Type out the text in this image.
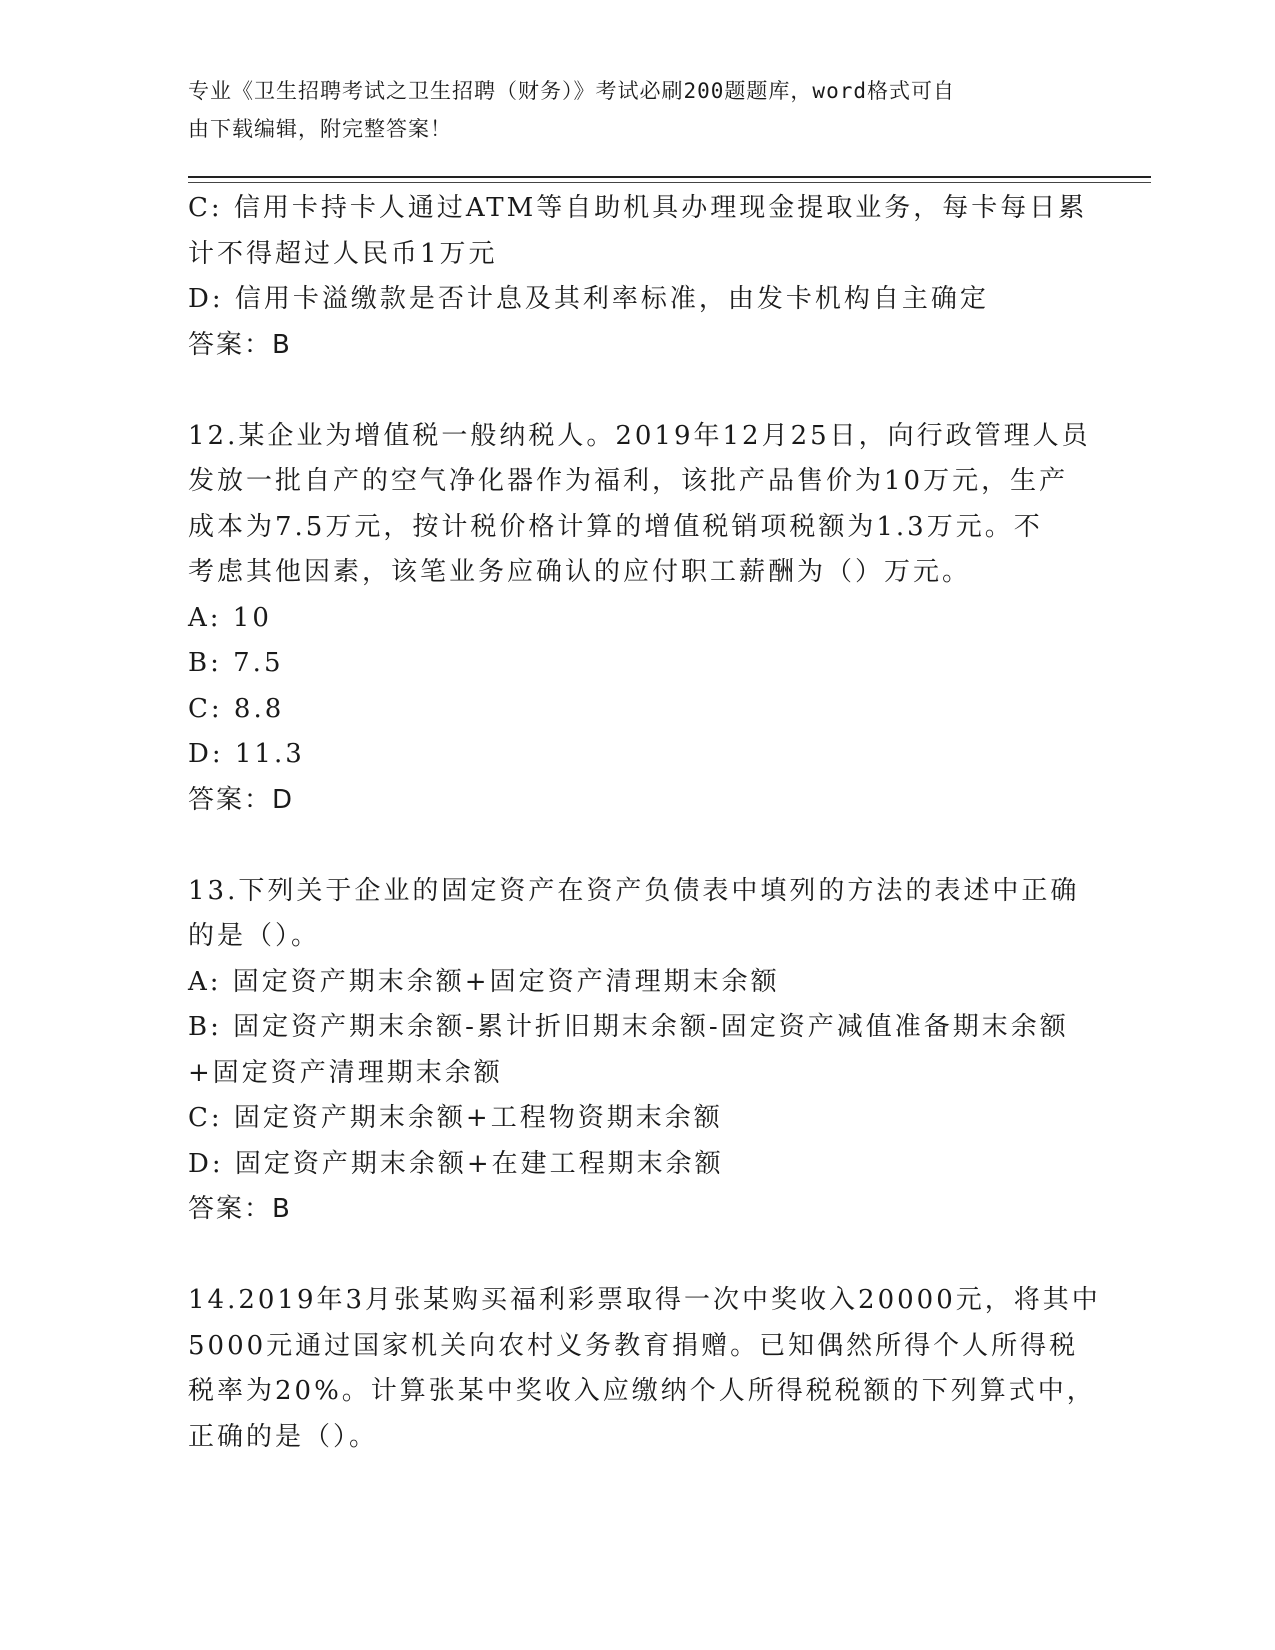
专业《卫生招聘考试之卫生招聘（财务）》考试必刷200题题库，word格式可自
由下载编辑，附完整答案！
C: 信用卡持卡人通过ATM等自助机具办理现金提取业务，每卡每日累
计不得超过人民币1万元
D: 信用卡溢缴款是否计息及其利率标准，由发卡机构自主确定
答案：B
12.某企业为增值税一般纳税人。2019年12月25日，向行政管理人员
发放一批自产的空气净化器作为福利，该批产品售价为10万元，生产
成本为7.5万元，按计税价格计算的增值税销项税额为1.3万元。不
考虑其他因素，该笔业务应确认的应付职工薪酬为（）万元。
A: 10
B: 7.5
C: 8.8
D: 11.3
答案：D
13.下列关于企业的固定资产在资产负债表中填列的方法的表述中正确
的是（）。
A: 固定资产期末余额+固定资产清理期末余额
B: 固定资产期末余额-累计折旧期末余额-固定资产减值准备期末余额
+固定资产清理期末余额
C: 固定资产期末余额+工程物资期末余额
D: 固定资产期末余额+在建工程期末余额
答案：B
14.2019年3月张某购买福利彩票取得一次中奖收入20000元，将其中
5000元通过国家机关向农村义务教育捐赠。已知偶然所得个人所得税
税率为20%。计算张某中奖收入应缴纳个人所得税税额的下列算式中，
正确的是（）。
